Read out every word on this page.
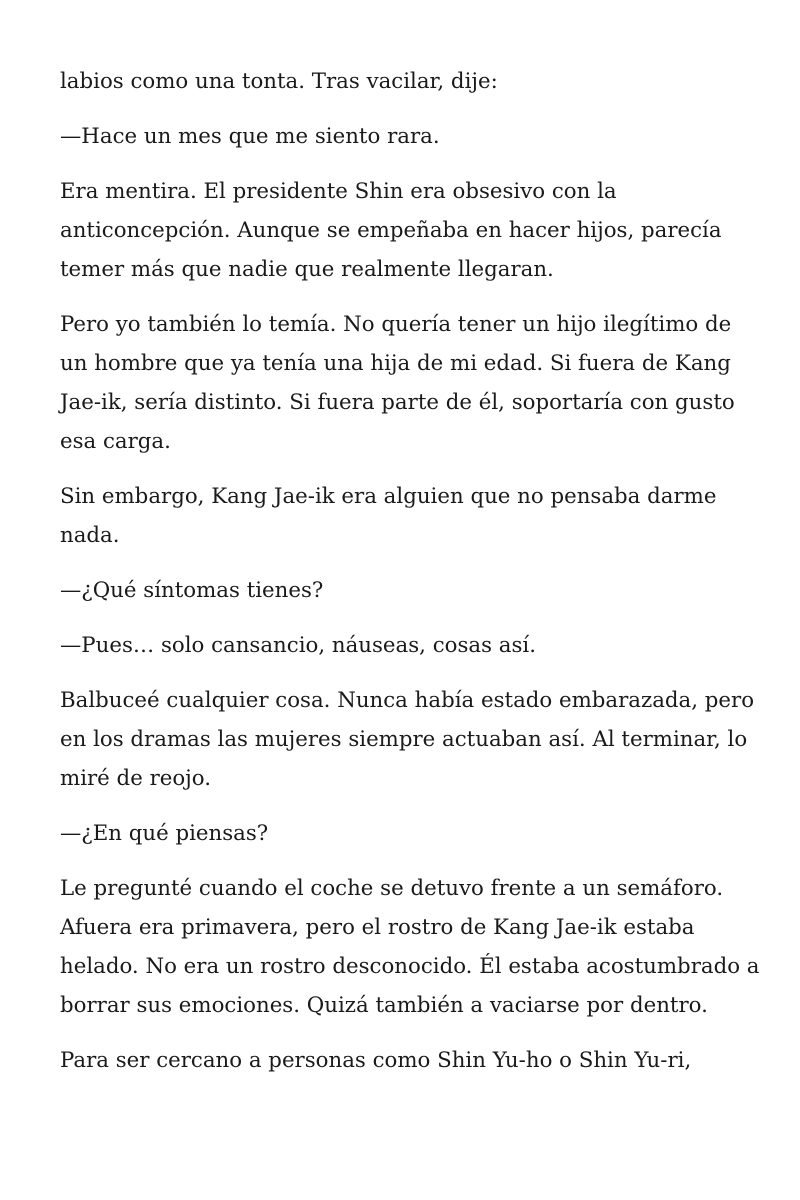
labios como una tonta. Tras vacilar, dije:

—Hace un mes que me siento rara.

Era mentira. El presidente Shin era obsesivo con la anticoncepción. Aunque se empeñaba en hacer hijos, parecía temer más que nadie que realmente llegaran.

Pero yo también lo temía. No quería tener un hijo ilegítimo de un hombre que ya tenía una hija de mi edad. Si fuera de Kang Jae-ik, sería distinto. Si fuera parte de él, soportaría con gusto esa carga.

Sin embargo, Kang Jae-ik era alguien que no pensaba darme nada.

—¿Qué síntomas tienes?

—Pues… solo cansancio, náuseas, cosas así.

Balbuceé cualquier cosa. Nunca había estado embarazada, pero en los dramas las mujeres siempre actuaban así. Al terminar, lo miré de reojo.

—¿En qué piensas?

Le pregunté cuando el coche se detuvo frente a un semáforo. Afuera era primavera, pero el rostro de Kang Jae-ik estaba helado. No era un rostro desconocido. Él estaba acostumbrado a borrar sus emociones. Quizá también a vaciarse por dentro.

Para ser cercano a personas como Shin Yu-ho o Shin Yu-ri,
